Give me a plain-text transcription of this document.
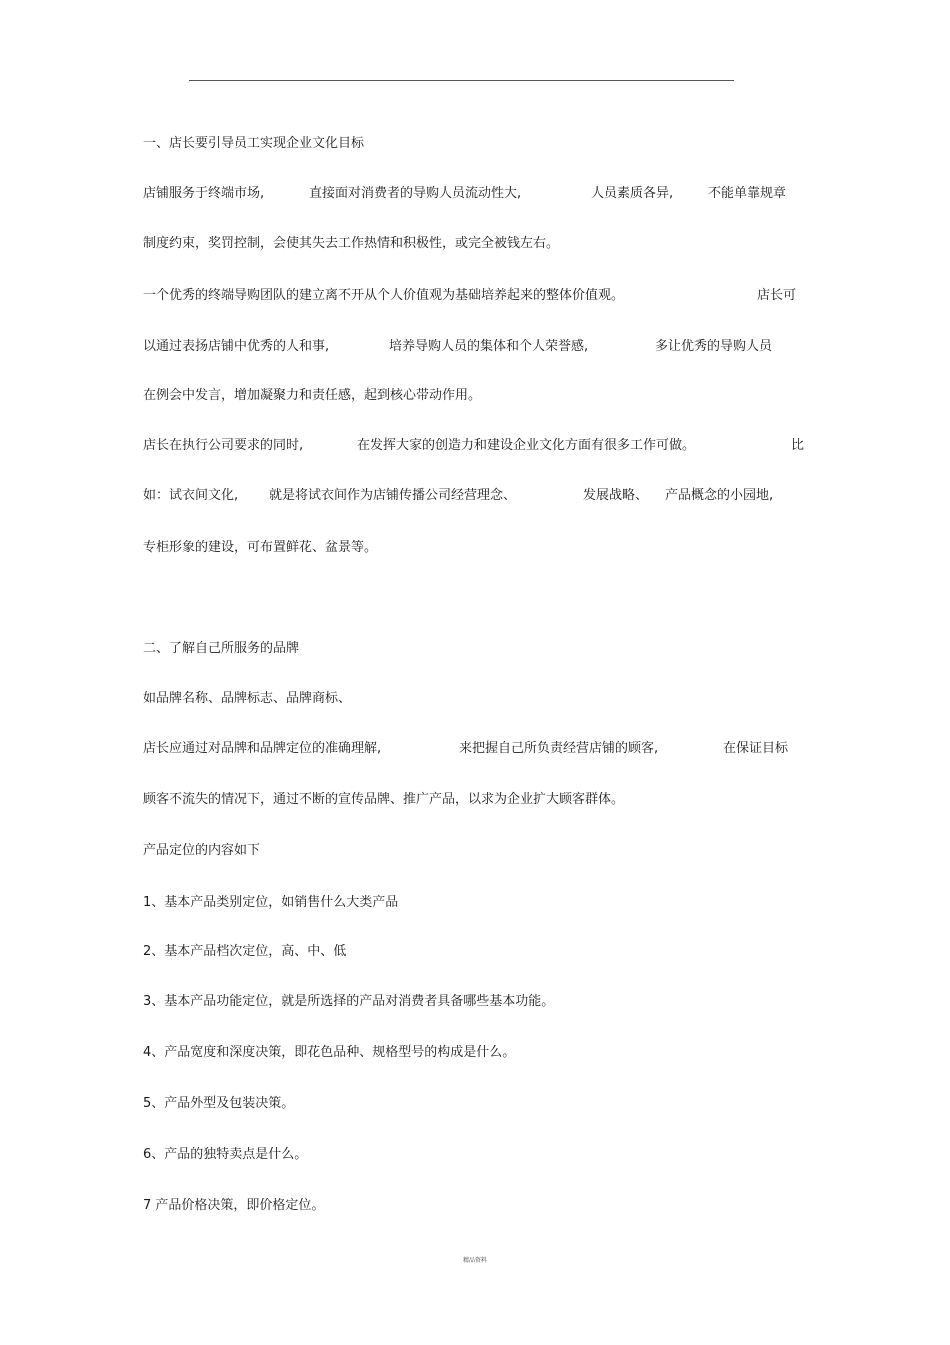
一、店长要引导员工实现企业文化目标
店铺服务于终端市场,	直接面对消费者的导购人员流动性大,	人员素质各异,	不能单靠规章
制度约束，奖罚控制，会使其失去工作热情和积极性，或完全被钱左右。
一个优秀的终端导购团队的建立离不开从个人价值观为基础培养起来的整体价值观。	店长可
以通过表扬店铺中优秀的人和事,	培养导购人员的集体和个人荣誉感,	多让优秀的导购人员
在例会中发言，增加凝聚力和责任感，起到核心带动作用。
店长在执行公司要求的同时,	在发挥大家的创造力和建设企业文化方面有很多工作可做。	比
如：试衣间文化, 就是将试衣间作为店铺传播公司经营理念、	发展战略、 产品概念的小园地,
专柜形象的建设，可布置鲜花、盆景等。
二、了解自己所服务的品牌
如品牌名称、品牌标志、品牌商标、
店长应通过对品牌和品牌定位的准确理解,	来把握自己所负责经营店铺的顾客,	在保证目标
顾客不流失的情况下，通过不断的宣传品牌、推广产品，以求为企业扩大顾客群体。
产品定位的内容如下
1、基本产品类别定位，如销售什么大类产品
2、基本产品档次定位，高、中、低
3、基本产品功能定位，就是所选择的产品对消费者具备哪些基本功能。
4、产品宽度和深度决策，即花色品种、规格型号的构成是什么。
5、产品外型及包装决策。
6、产品的独特卖点是什么。
7 产品价格决策，即价格定位。
精品资料
